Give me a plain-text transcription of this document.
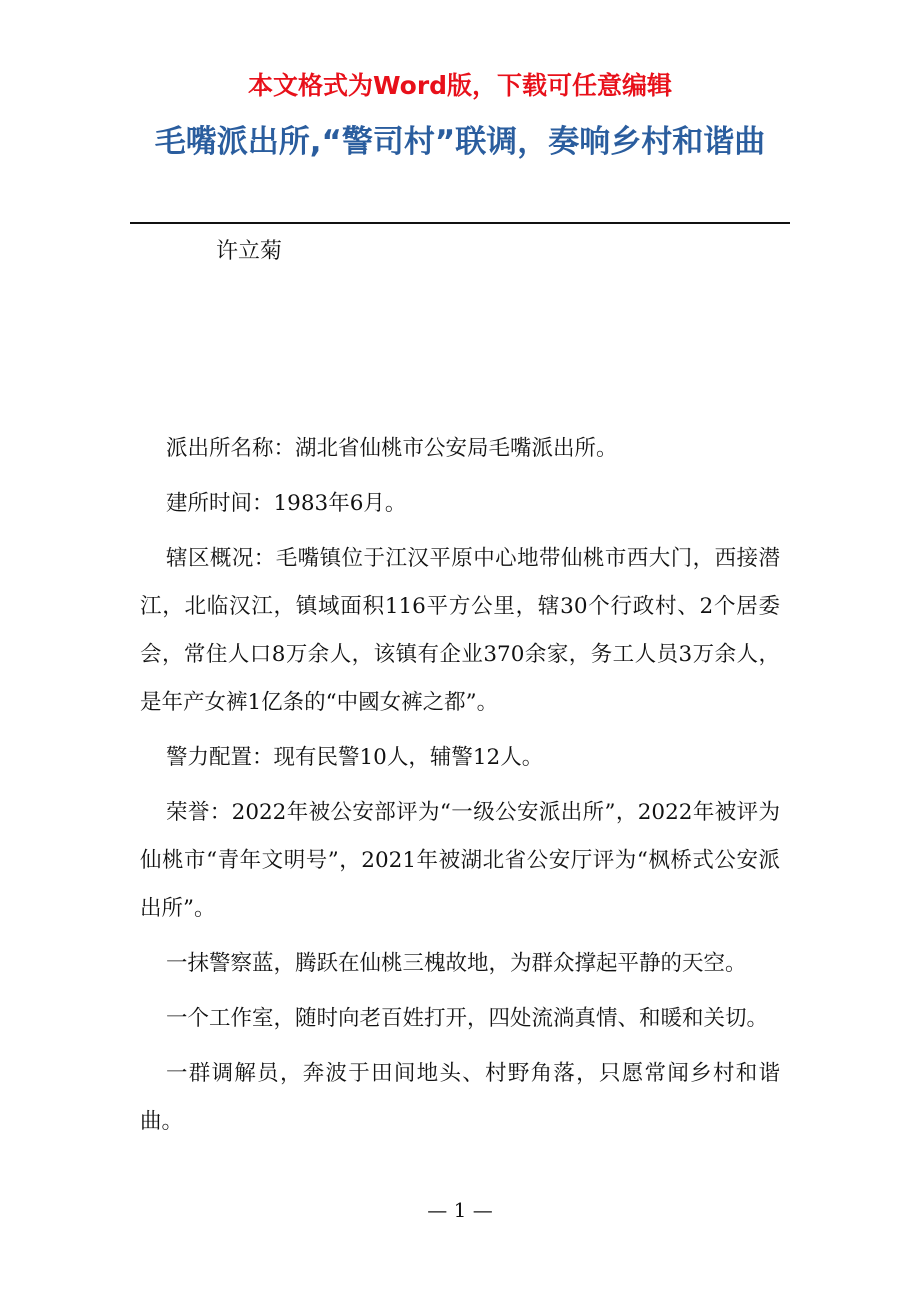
本文格式为Word版，下载可任意编辑
毛嘴派出所,“警司村”联调，奏响乡村和谐曲
许立菊

派出所名称：湖北省仙桃市公安局毛嘴派出所。

建所时间：1983年6月。

辖区概况：毛嘴镇位于江汉平原中心地带仙桃市西大门，西接潜江，北临汉江，镇域面积116平方公里，辖30个行政村、2个居委会，常住人口8万余人，该镇有企业370余家，务工人员3万余人，是年产女裤1亿条的“中國女裤之都”。

警力配置：现有民警10人，辅警12人。

荣誉：2022年被公安部评为“一级公安派出所”，2022年被评为仙桃市“青年文明号”，2021年被湖北省公安厅评为“枫桥式公安派出所”。

一抹警察蓝，腾跃在仙桃三槐故地，为群众撑起平静的天空。

一个工作室，随时向老百姓打开，四处流淌真情、和暖和关切。

一群调解员，奔波于田间地头、村野角落，只愿常闻乡村和谐曲。

— 1 —
